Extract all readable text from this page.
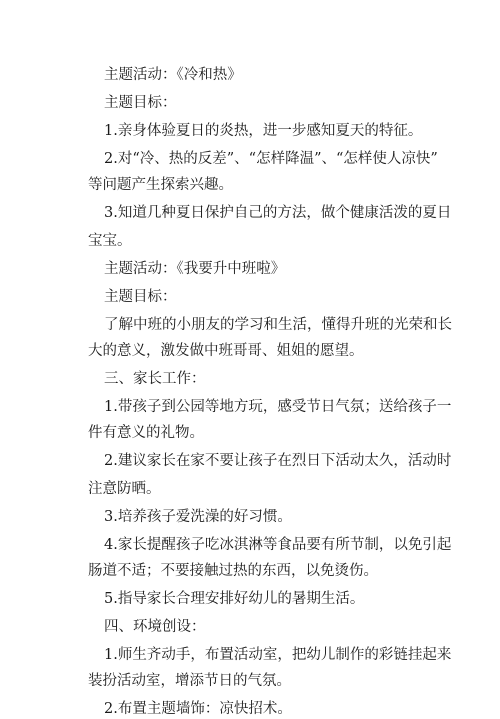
主题活动：《冷和热》
主题目标：
1.亲身体验夏日的炎热，进一步感知夏天的特征。
2.对“冷、热的反差”、“怎样降温”、“怎样使人凉快”
等问题产生探索兴趣。
3.知道几种夏日保护自己的方法，做个健康活泼的夏日
宝宝。
主题活动：《我要升中班啦》
主题目标：
了解中班的小朋友的学习和生活，懂得升班的光荣和长
大的意义，激发做中班哥哥、姐姐的愿望。
三、家长工作：
1.带孩子到公园等地方玩，感受节日气氛；送给孩子一
件有意义的礼物。
2.建议家长在家不要让孩子在烈日下活动太久，活动时
注意防晒。
3.培养孩子爱洗澡的好习惯。
4.家长提醒孩子吃冰淇淋等食品要有所节制，以免引起
肠道不适；不要接触过热的东西，以免烫伤。
5.指导家长合理安排好幼儿的暑期生活。
四、环境创设：
1.师生齐动手，布置活动室，把幼儿制作的彩链挂起来
装扮活动室，增添节日的气氛。
2.布置主题墙饰：凉快招术。
